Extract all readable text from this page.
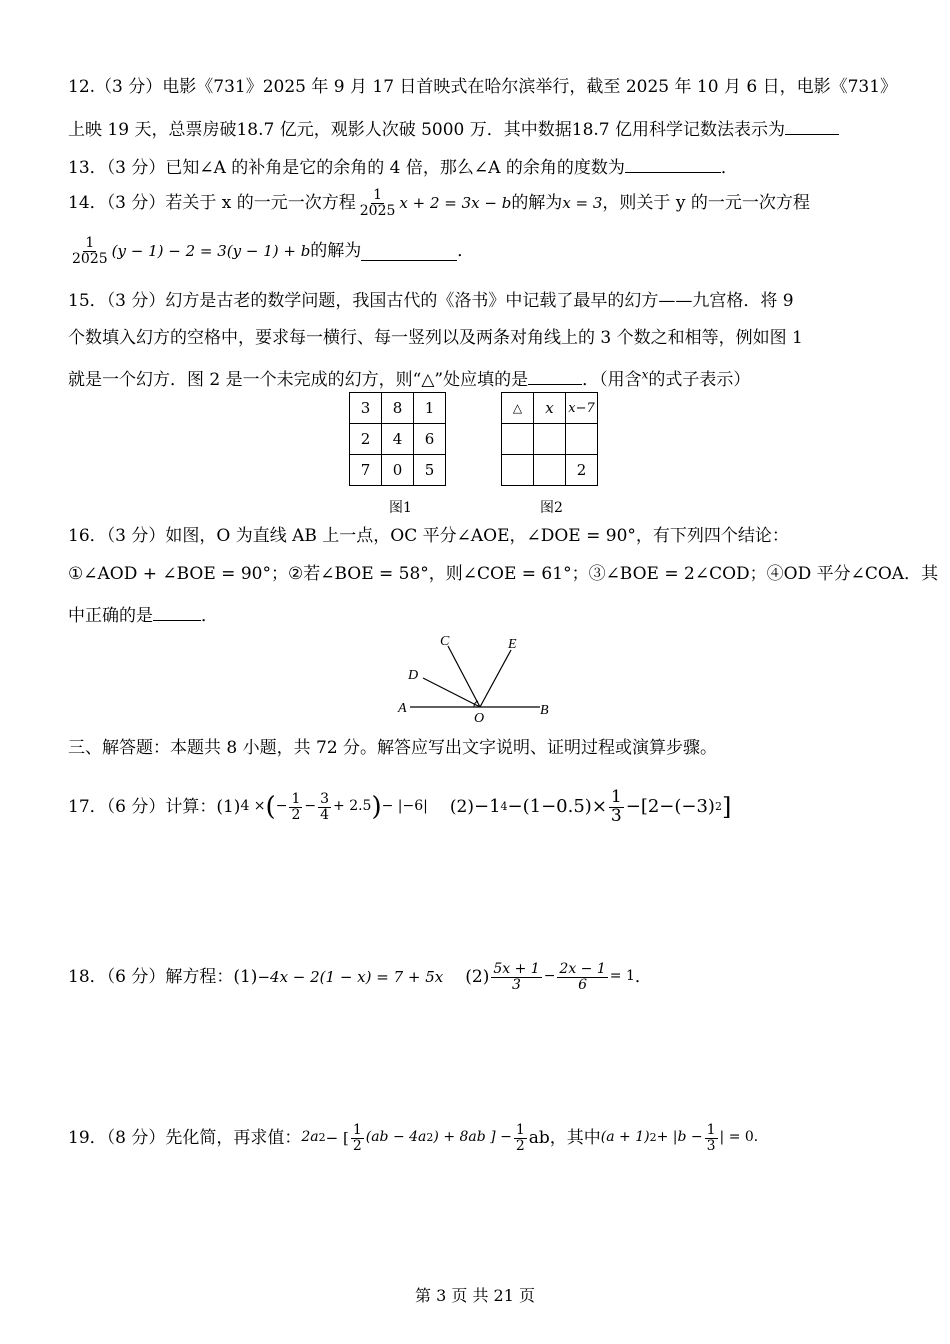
12.（3 分）电影《731》2025 年 9 月 17 日首映式在哈尔滨举行，截至 2025 年 10 月 6 日，电影《731》
上映 19 天，总票房破18.7 亿元，观影人次破 5000 万．其中数据18.7 亿用科学记数法表示为
13．（3 分）已知∠A 的补角是它的余角的 4 倍，那么∠A 的余角的度数为	．
14．（3 分）若关于 x 的一元一次方程 $\frac{1}{2025}$ x + 2 = 3x − b 的解为 x = 3 ，则关于 y 的一元一次方程
$\frac{1}{2025} (y - 1) - 2 = 3(y - 1) + b$ 的解为	．
15．（3 分）幻方是古老的数学问题，我国古代的《洛书》中记载了最早的幻方——九宫格．将 9
个数填入幻方的空格中，要求每一横行、每一竖列以及两条对角线上的 3 个数之和相等，例如图 1
就是一个幻方．图 2 是一个未完成的幻方，则“△”处应填的是	．（用含$^x$的式子表示）
3	8	1
2	4	6
7	0	5
图1
△	x	x−7

		2
图2
16．（3 分）如图，O 为直线 AB 上一点，OC 平分∠AOE，∠DOE = 90°，有下列四个结论：
①∠AOD + ∠BOE = 90°；②若∠BOE = 58°，则∠COE = 61°；③∠BOE = 2∠COD；④OD 平分∠COA．其
中正确的是	．
C
D
E
A	B
O
三、解答题：本题共 8 小题，共 72 分。解答应写出文字说明、证明过程或演算步骤。
17．（6 分）计算： (1) 4 × ( − $\frac{1}{2} - \frac{3}{4} + 2.5$ ) − |−6| (2) −1 $4 -(1-0.5)\times \frac{1}{3} -[2-(-3)$ 2 ]
18．（6 分）解方程： (1) −4x − 2(1 − x) = 7 + 5x $(2) \frac{5x + 1}{3} - \frac{2x - 1}{6} = 1$ ．
19．（8 分）先化简，再求值： 2a 2 − [ $\frac{1}{2} (ab - 4a$ 2 ) + 8ab ] − $\frac{1}{2}$ ab，其中 (a + 1) $2 + |b - \frac{1}{3}$ | = 0．
第 3 页 共 21 页
